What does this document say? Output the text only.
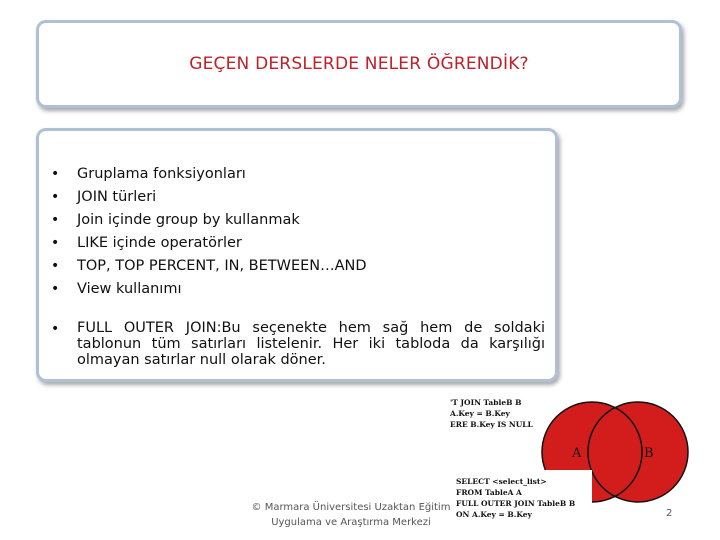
GEÇEN DERSLERDE NELER ÖĞRENDİK?
• Gruplama fonksiyonları
• JOIN türleri
• Join içinde group by kullanmak
• LIKE içinde operatörler
• TOP, TOP PERCENT, IN, BETWEEN…AND
• View kullanımı
• FULL OUTER JOIN:Bu seçenekte hem sağ hem de soldaki tablonun tüm satırları listelenir. Her iki tabloda da karşılığı olmayan satırlar null olarak döner.
'T JOIN TableB B
A.Key = B.Key
ERE B.Key IS NULL
A	B
SELECT <select_list>
FROM TableA A
FULL OUTER JOIN TableB B
ON A.Key = B.Key
© Marmara Üniversitesi Uzaktan Eğitim
Uygulama ve Araştırma Merkezi
2
